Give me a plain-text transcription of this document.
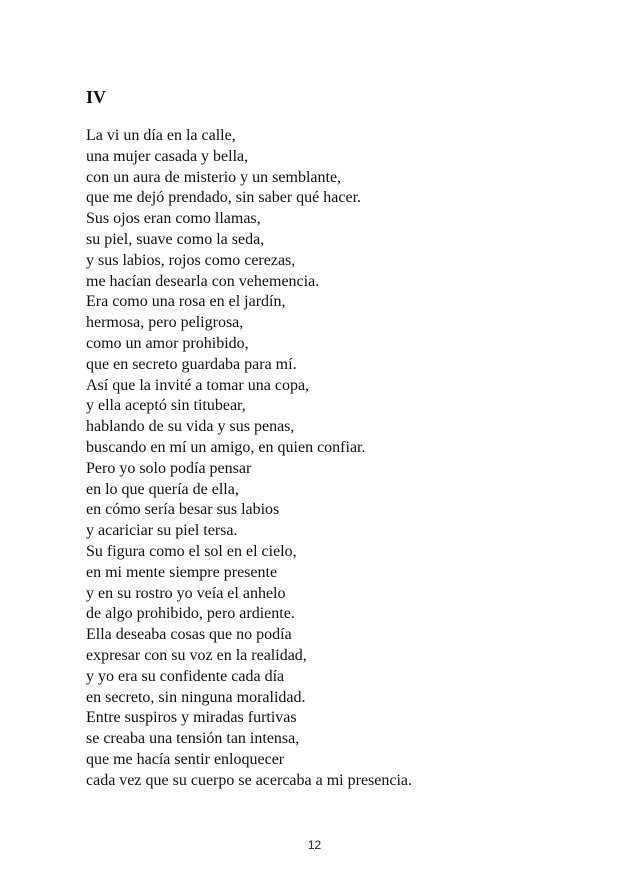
IV
La vi un día en la calle,
una mujer casada y bella,
con un aura de misterio y un semblante,
que me dejó prendado, sin saber qué hacer.
Sus ojos eran como llamas,
su piel, suave como la seda,
y sus labios, rojos como cerezas,
me hacían desearla con vehemencia.
Era como una rosa en el jardín,
hermosa, pero peligrosa,
como un amor prohibido,
que en secreto guardaba para mí.
Así que la invité a tomar una copa,
y ella aceptó sin titubear,
hablando de su vida y sus penas,
buscando en mí un amigo, en quien confiar.
Pero yo solo podía pensar
en lo que quería de ella,
en cómo sería besar sus labios
y acariciar su piel tersa.
Su figura como el sol en el cielo,
en mi mente siempre presente
y en su rostro yo veía el anhelo
de algo prohibido, pero ardiente.
Ella deseaba cosas que no podía
expresar con su voz en la realidad,
y yo era su confidente cada día
en secreto, sin ninguna moralidad.
Entre suspiros y miradas furtivas
se creaba una tensión tan intensa,
que me hacía sentir enloquecer
cada vez que su cuerpo se acercaba a mi presencia.
12
